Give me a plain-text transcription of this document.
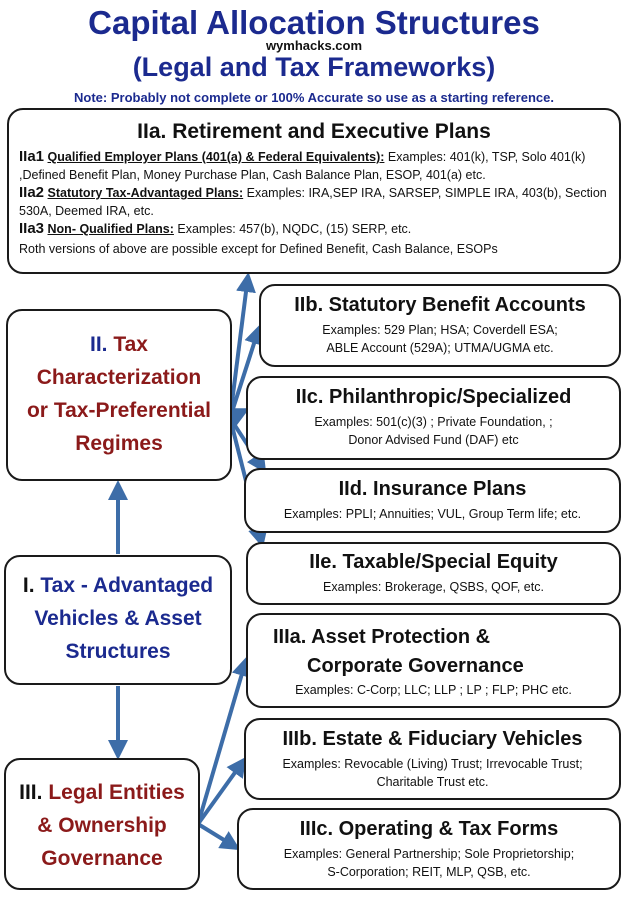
Capital Allocation Structures
wymhacks.com
(Legal and Tax Frameworks)
Note: Probably not complete or 100% Accurate so use as a starting reference.
IIa. Retirement and Executive Plans
IIa1 Qualified Employer Plans (401(a) & Federal Equivalents): Examples: 401(k), TSP, Solo 401(k) ,Defined Benefit Plan, Money Purchase Plan, Cash Balance Plan, ESOP, 401(a) etc.
IIa2 Statutory Tax-Advantaged Plans: Examples: IRA,SEP IRA, SARSEP, SIMPLE IRA, 403(b), Section 530A, Deemed IRA, etc.
IIa3 Non- Qualified Plans: Examples: 457(b), NQDC, (15) SERP, etc.
Roth versions of above are possible except for Defined Benefit, Cash Balance, ESOPs
II. Tax
Characterization
or Tax-Preferential
Regimes
I. Tax - Advantaged
Vehicles & Asset
Structures
III. Legal Entities
& Ownership
Governance
IIb. Statutory Benefit Accounts
Examples: 529 Plan; HSA; Coverdell ESA;
ABLE Account (529A); UTMA/UGMA etc.
IIc. Philanthropic/Specialized
Examples: 501(c)(3) ; Private Foundation, ;
Donor Advised Fund (DAF) etc
IId. Insurance Plans
Examples: PPLI; Annuities; VUL, Group Term life; etc.
IIe. Taxable/Special Equity
Examples: Brokerage, QSBS, QOF, etc.
IIIa. Asset Protection &
Corporate Governance
Examples: C-Corp; LLC; LLP ; LP ; FLP; PHC etc.
IIIb. Estate & Fiduciary Vehicles
Examples: Revocable (Living) Trust; Irrevocable Trust;
Charitable Trust etc.
IIIc. Operating & Tax Forms
Examples: General Partnership; Sole Proprietorship;
S-Corporation; REIT, MLP, QSB, etc.
